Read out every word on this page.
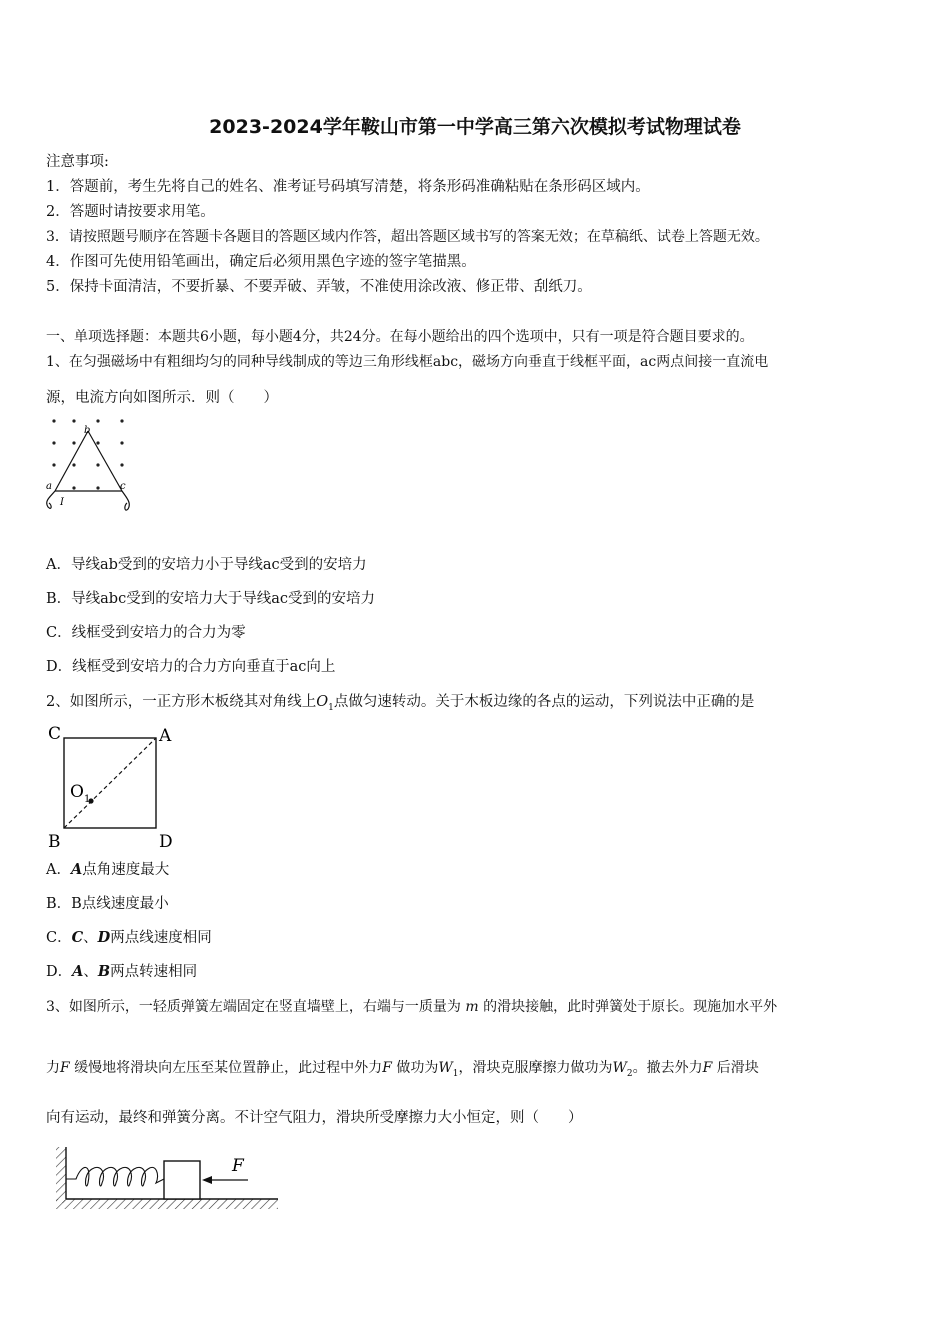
2023-2024学年鞍山市第一中学高三第六次模拟考试物理试卷
注意事项:
1．答题前，考生先将自己的姓名、准考证号码填写清楚，将条形码准确粘贴在条形码区域内。
2．答题时请按要求用笔。
3．请按照题号顺序在答题卡各题目的答题区域内作答，超出答题区域书写的答案无效；在草稿纸、试卷上答题无效。
4．作图可先使用铅笔画出，确定后必须用黑色字迹的签字笔描黑。
5．保持卡面清洁，不要折暴、不要弄破、弄皱，不准使用涂改液、修正带、刮纸刀。
一、单项选择题：本题共6小题，每小题4分，共24分。在每小题给出的四个选项中，只有一项是符合题目要求的。
1、在匀强磁场中有粗细均匀的同种导线制成的等边三角形线框abc，磁场方向垂直于线框平面，ac两点间接一直流电
源，电流方向如图所示．则（　　）
b
a	c
I
A．导线ab受到的安培力小于导线ac受到的安培力
B．导线abc受到的安培力大于导线ac受到的安培力
C．线框受到安培力的合力为零
D．线框受到安培力的合力方向垂直于ac向上
2、如图所示，一正方形木板绕其对角线上$O_1$点做匀速转动。关于木板边缘的各点的运动，下列说法中正确的是
C	A
B	D
O 1
A．A点角速度最大
B．B点线速度最小
C．C、D两点线速度相同
D．A、B两点转速相同
3、如图所示，一轻质弹簧左端固定在竖直墙壁上，右端与一质量为 m 的滑块接触，此时弹簧处于原长。现施加水平外
力F 缓慢地将滑块向左压至某位置静止，此过程中外力F 做功为$W_1$，滑块克服摩擦力做功为$W_2$。撤去外力F 后滑块
向有运动，最终和弹簧分离。不计空气阻力，滑块所受摩擦力大小恒定，则（　　）
F
